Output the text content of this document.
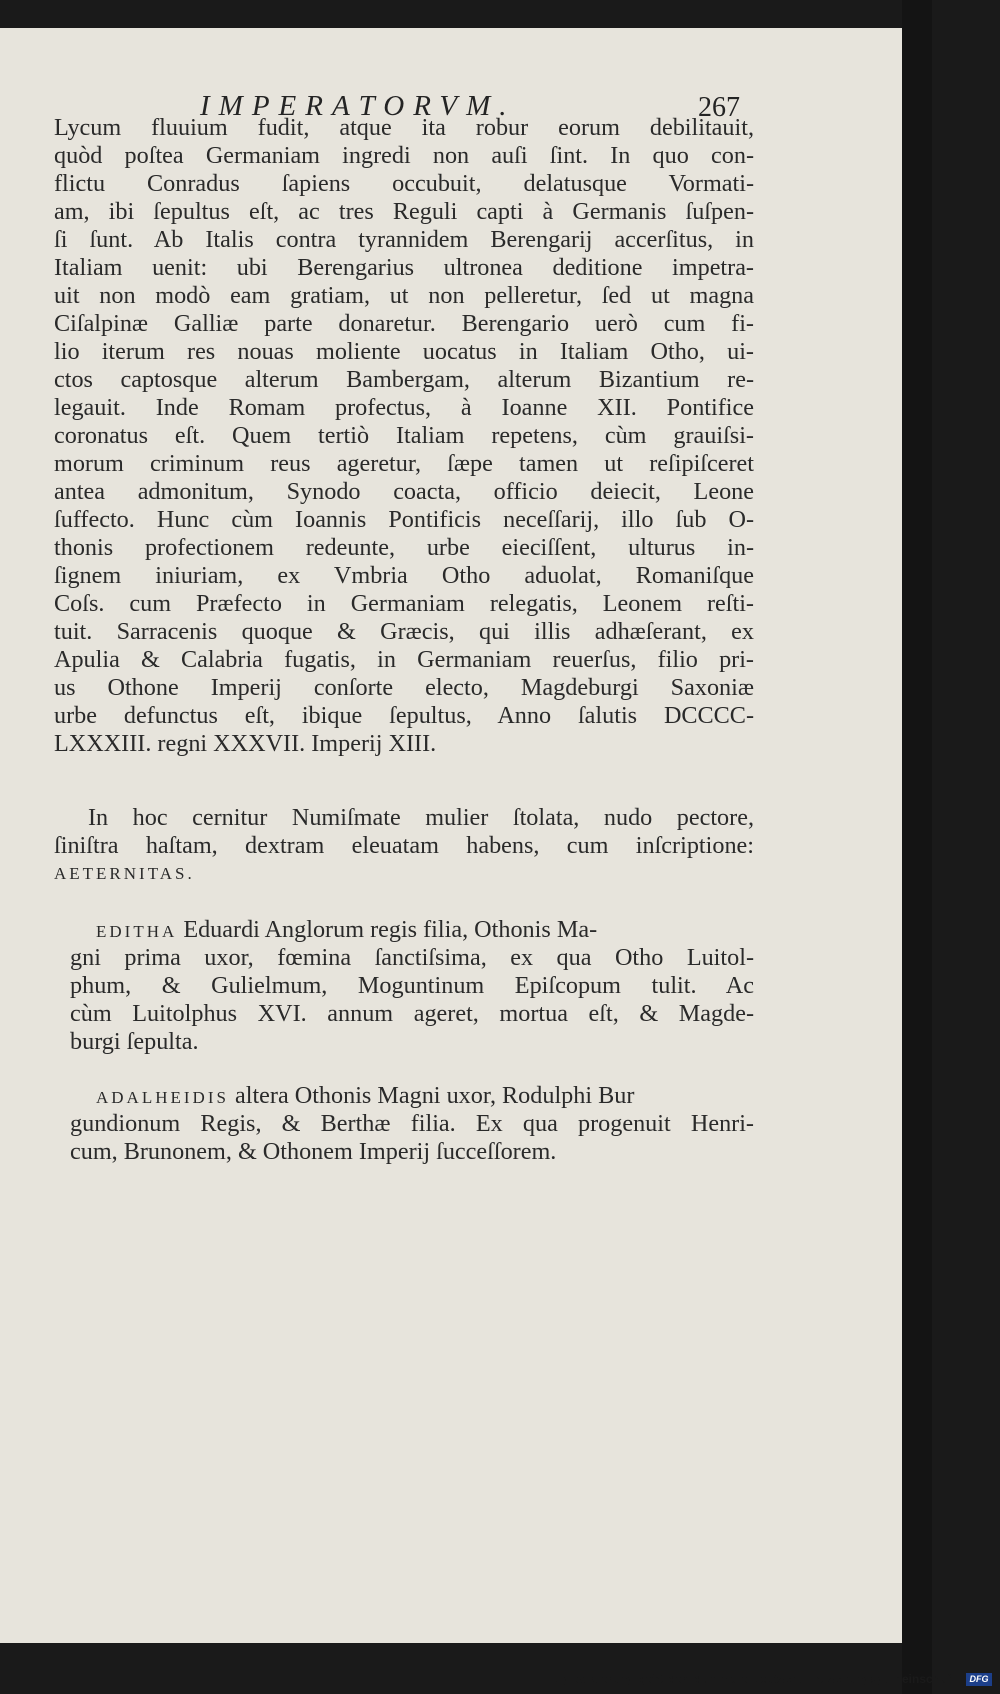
IMPERАTORVM.	267
Lycum fluuium fudit, atque ita robur eorum debilitauit,
quòd poſtea Germaniam ingredi non auſi ſint. In quo con-
flictu Conradus ſapiens occubuit, delatusque Vormati-
am, ibi ſepultus eſt, ac tres Reguli capti à Germanis ſuſpen-
ſi ſunt. Ab Italis contra tyrannidem Berengarij accerſitus, in
Italiam uenit: ubi Berengarius ultronea deditione impetra-
uit non modò eam gratiam, ut non pelleretur, ſed ut magna
Ciſalpinæ Galliæ parte donaretur. Berengario uerò cum fi-
lio iterum res nouas moliente uocatus in Italiam Otho, ui-
ctos captosque alterum Bambergam, alterum Bizantium re-
legauit. Inde Romam profectus, à Ioanne XII. Pontifice
coronatus eſt. Quem tertiò Italiam repetens, cùm grauiſsi-
morum criminum reus ageretur, ſæpe tamen ut reſipiſceret
antea admonitum, Synodo coacta, officio deiecit, Leone
ſuffecto. Hunc cùm Ioannis Pontificis neceſſarij, illo ſub O-
thonis profectionem redeunte, urbe eieciſſent, ulturus in-
ſignem iniuriam, ex Vmbria Otho aduolat, Romaniſque
Coſs. cum Præfecto in Germaniam relegatis, Leonem reſti-
tuit. Sarracenis quoque & Græcis, qui illis adhæſerant, ex
Apulia & Calabria fugatis, in Germaniam reuerſus, filio pri-
us Othone Imperij conſorte electo, Magdeburgi Saxoniæ
urbe defunctus eſt, ibique ſepultus, Anno ſalutis DCCCC-
LXXXIII. regni XXXVII. Imperij XIII.
In hoc cernitur Numiſmate mulier ſtolata, nudo pectore,
ſiniſtra haſtam, dextram eleuatam habens, cum inſcriptione:
AETERNITAS.
EDITHA Eduardi Anglorum regis filia, Othonis Ma-
gni prima uxor, fœmina ſanctiſsima, ex qua Otho Luitol-
phum, & Gulielmum, Moguntinum Epiſcopum tulit. Ac
cùm Luitolphus XVI. annum ageret, mortua eſt, & Magde-
burgi ſepulta.
ADALHEIDIS altera Othonis Magni uxor, Rodulphi Bur
gundionum Regis, & Berthæ filia. Ex qua progenuit Henri-
cum, Brunonem, & Othonem Imperij ſucceſſorem.
Digitalisierung gefördert durch die Deutsche Forschungsgemeinschaft · DFG
